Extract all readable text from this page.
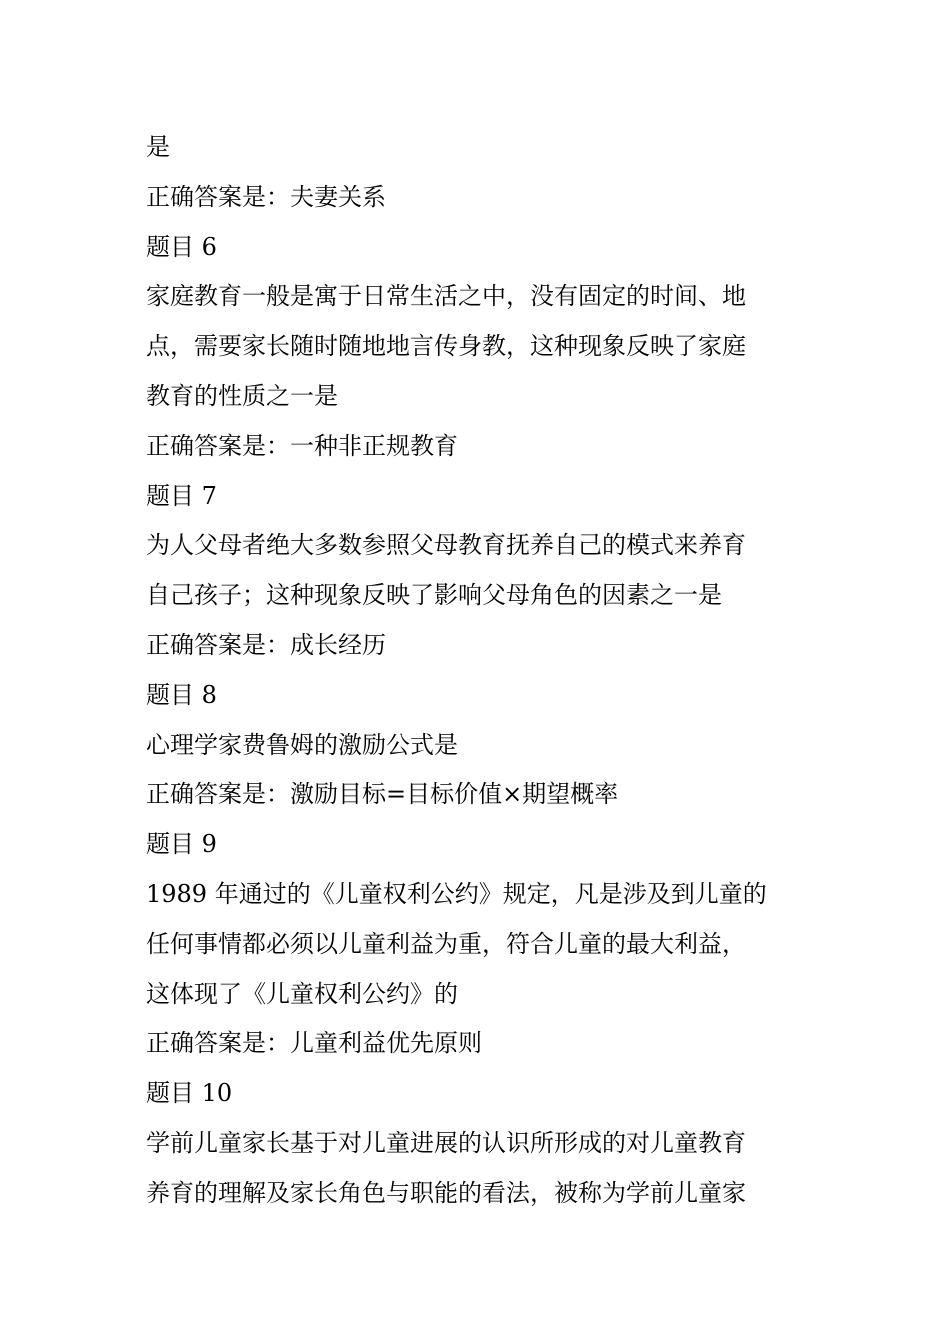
是
正确答案是：夫妻关系
题目 6
家庭教育一般是寓于日常生活之中，没有固定的时间、地
点，需要家长随时随地地言传身教，这种现象反映了家庭
教育的性质之一是
正确答案是：一种非正规教育
题目 7
为人父母者绝大多数参照父母教育抚养自己的模式来养育
自己孩子；这种现象反映了影响父母角色的因素之一是
正确答案是：成长经历
题目 8
心理学家费鲁姆的激励公式是
正确答案是：激励目标=目标价值×期望概率
题目 9
1989 年通过的《儿童权利公约》规定，凡是涉及到儿童的
任何事情都必须以儿童利益为重，符合儿童的最大利益，
这体现了《儿童权利公约》的
正确答案是：儿童利益优先原则
题目 10
学前儿童家长基于对儿童进展的认识所形成的对儿童教育
养育的理解及家长角色与职能的看法，被称为学前儿童家
